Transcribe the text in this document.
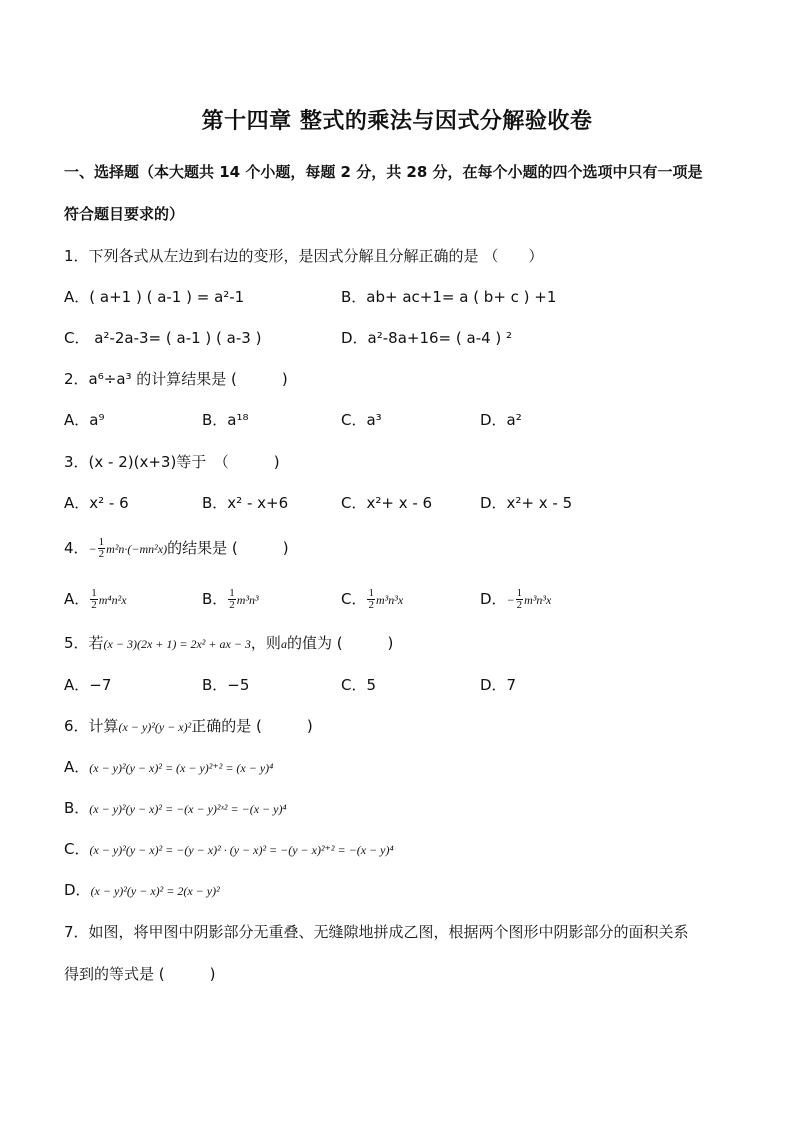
第十四章 整式的乘法与因式分解验收卷
一、选择题（本大题共 14 个小题，每题 2 分，共 28 分，在每个小题的四个选项中只有一项是
符合题目要求的）
1．下列各式从左边到右边的变形，是因式分解且分解正确的是 （　　）
A．( a+1 ) ( a-1 ) = a²-1	B．ab+ ac+1= a ( b+ c ) +1
C． a²-2a-3= ( a-1 ) ( a-3 )	D．a²-8a+16= ( a-4 ) ²
2．a⁶÷a³ 的计算结果是 (　　　)
A．a⁹	B．a¹⁸	C．a³	D．a²
3．(x - 2)(x+3)等于　（　　　)
A．x² - 6	B．x² - x+6	C．x²+ x - 6	D．x²+ x - 5
4．− $\frac{1}{2} m^2n\cdot(-mn^2x)$的结果是 (　　　)
A． $\frac{1}{2} m^4n^2x$	B． $\frac{1}{2} m^3n^3$	C． $\frac{1}{2} m^3n^3x$	D．− $\frac{1}{2} m^3n^3x$
5．若(x − 3)(2x + 1) = 2x² + ax − 3，则a的值为 (　　　)
A．−7	B．−5	C．5	D．7
6．计算(x − y)²(y − x)²正确的是 (　　　)
A．(x − y)²(y − x)² = (x − y)²⁺² = (x − y)⁴
B．(x − y)²(y − x)² = −(x − y)²ˣ² = −(x − y)⁴
C．(x − y)²(y − x)² = −(y − x)² · (y − x)² = −(y − x)²⁺² = −(x − y)⁴
D．(x − y)²(y − x)² = 2(x − y)²
7．如图，将甲图中阴影部分无重叠、无缝隙地拼成乙图，根据两个图形中阴影部分的面积关系
得到的等式是 (　　　)
